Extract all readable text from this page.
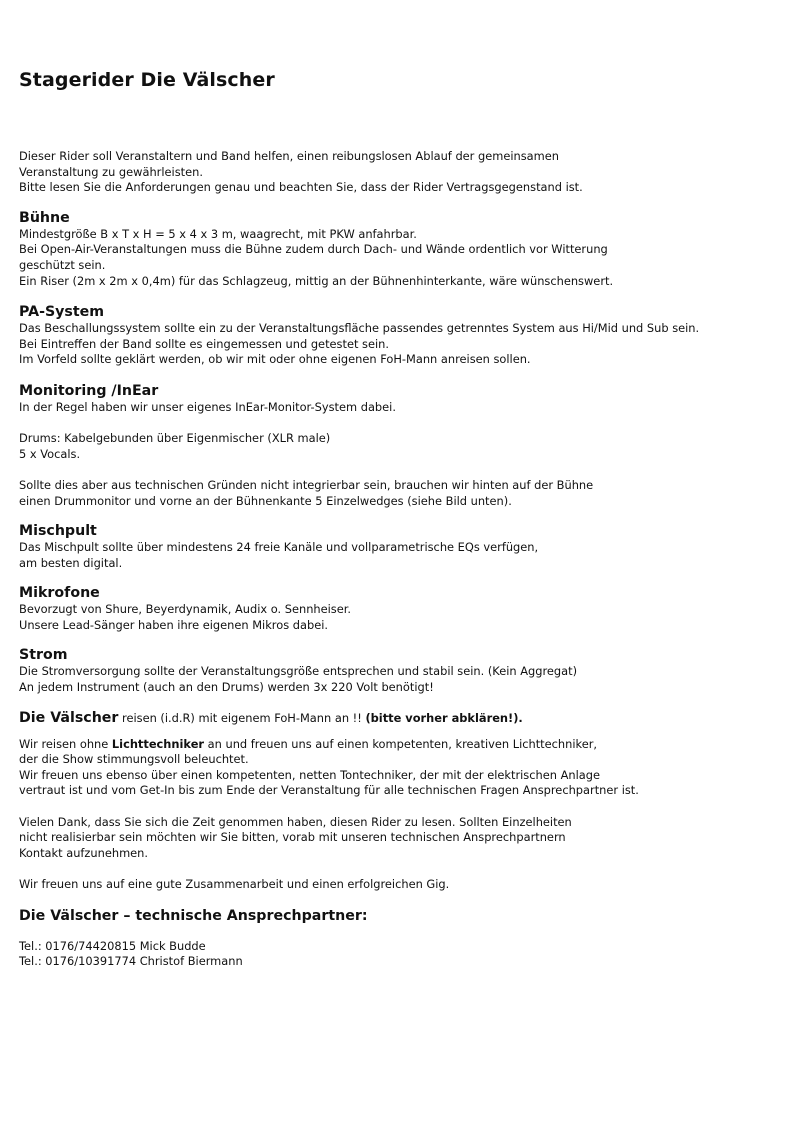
Stagerider Die Välscher

Dieser Rider soll Veranstaltern und Band helfen, einen reibungslosen Ablauf der gemeinsamen

Veranstaltung zu gewährleisten.

Bitte lesen Sie die Anforderungen genau und beachten Sie, dass der Rider Vertragsgegenstand ist.

Bühne

Mindestgröße B x T x H = 5 x 4 x 3 m, waagrecht, mit PKW anfahrbar.

Bei Open-Air-Veranstaltungen muss die Bühne zudem durch Dach- und Wände ordentlich vor Witterung

geschützt sein.

Ein Riser (2m x 2m x 0,4m) für das Schlagzeug, mittig an der Bühnenhinterkante, wäre wünschenswert.

PA-System

Das Beschallungssystem sollte ein zu der Veranstaltungsfläche passendes getrenntes System aus Hi/Mid und Sub sein.

Bei Eintreffen der Band sollte es eingemessen und getestet sein.

Im Vorfeld sollte geklärt werden, ob wir mit oder ohne eigenen FoH-Mann anreisen sollen.

Monitoring /InEar

In der Regel haben wir unser eigenes InEar-Monitor-System dabei.

Drums: Kabelgebunden über Eigenmischer (XLR male)

5 x Vocals.

Sollte dies aber aus technischen Gründen nicht integrierbar sein, brauchen wir hinten auf der Bühne

einen Drummonitor und vorne an der Bühnenkante 5 Einzelwedges (siehe Bild unten).

Mischpult

Das Mischpult sollte über mindestens 24 freie Kanäle und vollparametrische EQs verfügen,

am besten digital.

Mikrofone

Bevorzugt von Shure, Beyerdynamik, Audix o. Sennheiser.

Unsere Lead-Sänger haben ihre eigenen Mikros dabei.

Strom

Die Stromversorgung sollte der Veranstaltungsgröße entsprechen und stabil sein. (Kein Aggregat)

An jedem Instrument (auch an den Drums) werden 3x 220 Volt benötigt!

Die Välscher reisen (i.d.R) mit eigenem FoH-Mann an !! (bitte vorher abklären!).

Wir reisen ohne Lichttechniker an und freuen uns auf einen kompetenten, kreativen Lichttechniker,

der die Show stimmungsvoll beleuchtet.

Wir freuen uns ebenso über einen kompetenten, netten Tontechniker, der mit der elektrischen Anlage

vertraut ist und vom Get-In bis zum Ende der Veranstaltung für alle technischen Fragen Ansprechpartner ist.

Vielen Dank, dass Sie sich die Zeit genommen haben, diesen Rider zu lesen. Sollten Einzelheiten

nicht realisierbar sein möchten wir Sie bitten, vorab mit unseren technischen Ansprechpartnern

Kontakt aufzunehmen.

Wir freuen uns auf eine gute Zusammenarbeit und einen erfolgreichen Gig.

Die Välscher – technische Ansprechpartner:

Tel.: 0176/74420815 Mick Budde

Tel.: 0176/10391774 Christof Biermann
